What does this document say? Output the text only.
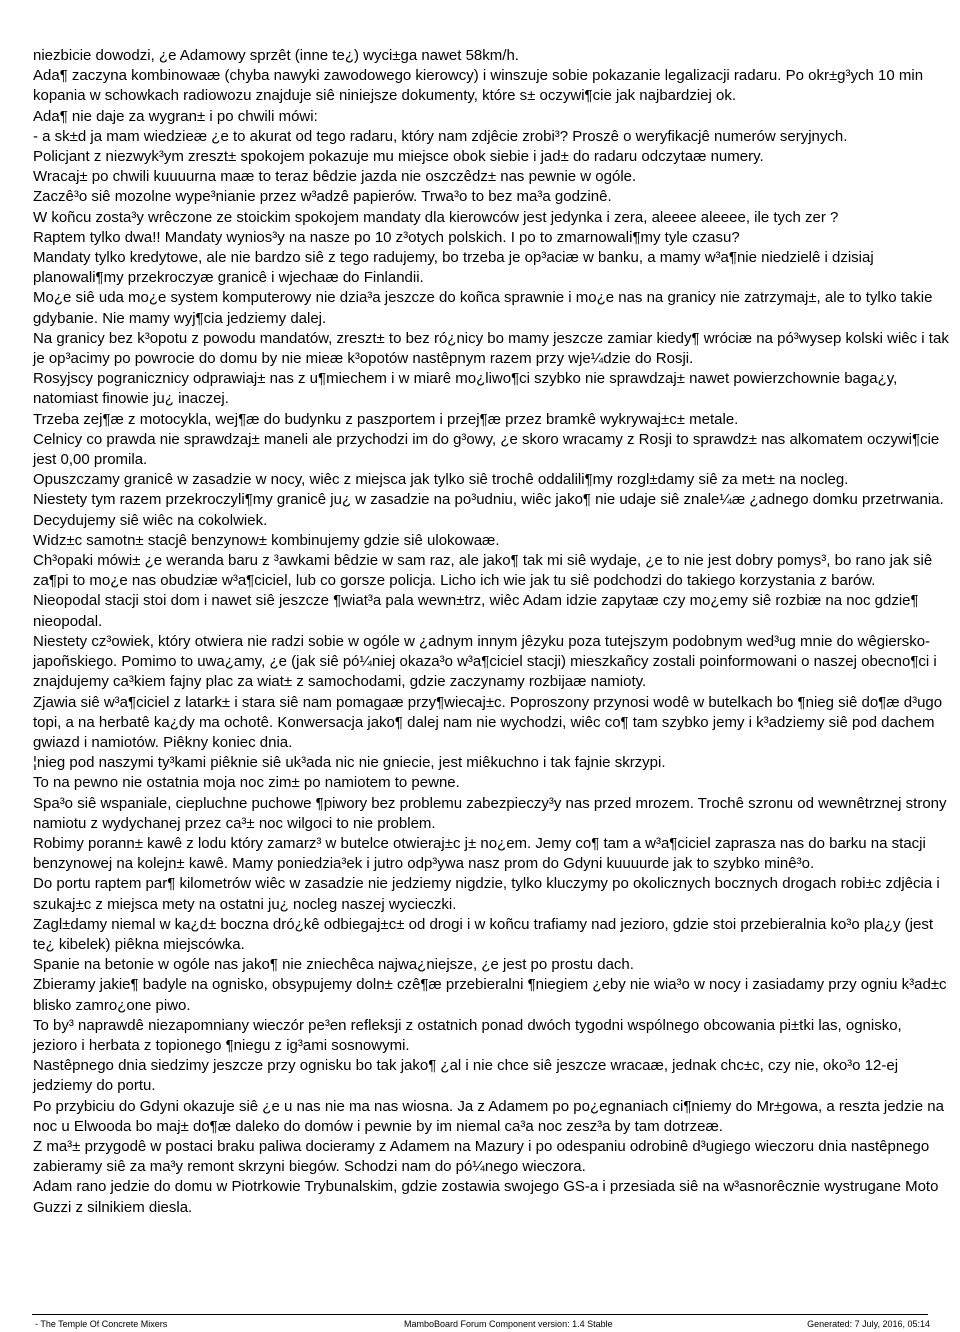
niezbicie dowodzi, ¿e Adamowy sprzêt (inne te¿) wyci±ga nawet 58km/h.

Ada¶ zaczyna kombinowaæ (chyba nawyki zawodowego kierowcy) i winszuje sobie pokazanie legalizacji radaru. Po okr±g³ych 10 min kopania w schowkach radiowozu znajduje siê niniejsze dokumenty, które s± oczywi¶cie jak najbardziej ok.

Ada¶ nie daje za wygran± i po chwili mówi:

- a sk±d ja mam wiedzieæ ¿e to akurat od tego radaru, który nam zdjêcie zrobi³? Proszê o weryfikacjê numerów seryjnych.

Policjant z niezwyk³ym zreszt± spokojem pokazuje mu miejsce obok siebie i jad± do radaru odczytaæ numery.

Wracaj± po chwili kuuuurna maæ to teraz bêdzie jazda nie oszczêdz± nas pewnie w ogóle.

Zaczê³o siê mozolne wype³nianie przez w³adzê papierów. Trwa³o to bez ma³a godzinê.

W koñcu zosta³y wrêczone ze stoickim spokojem mandaty dla kierowców jest jedynka i zera, aleeee aleeee, ile tych zer ?

Raptem tylko dwa!! Mandaty wynios³y na nasze po 10 z³otych polskich. I po to zmarnowali¶my tyle czasu?

Mandaty tylko kredytowe, ale nie bardzo siê z tego radujemy, bo trzeba je op³aciæ w banku, a mamy w³a¶nie niedzielê i dzisiaj planowali¶my przekroczyæ granicê i wjechaæ do Finlandii.

Mo¿e siê uda mo¿e system komputerowy nie dzia³a jeszcze do koñca sprawnie i mo¿e nas na granicy nie zatrzymaj±, ale to tylko takie gdybanie. Nie mamy wyj¶cia jedziemy dalej.

Na granicy bez k³opotu z powodu mandatów, zreszt± to bez ró¿nicy bo mamy jeszcze zamiar kiedy¶ wróciæ na pó³wysep kolski wiêc i tak je op³acimy po powrocie do domu by nie mieæ k³opotów nastêpnym razem przy wje¼dzie do Rosji.

Rosyjscy pogranicznicy odprawiaj± nas z u¶miechem i w miarê mo¿liwo¶ci szybko nie sprawdzaj± nawet powierzchownie baga¿y, natomiast finowie ju¿ inaczej.

Trzeba zej¶æ z motocykla, wej¶æ do budynku z paszportem i przej¶æ przez bramkê wykrywaj±c± metale.

Celnicy co prawda nie sprawdzaj± maneli ale przychodzi im do g³owy, ¿e skoro wracamy z Rosji to sprawdz± nas alkomatem oczywi¶cie jest 0,00 promila.

Opuszczamy granicê w zasadzie w nocy, wiêc z miejsca jak tylko siê trochê oddalili¶my rozgl±damy siê za met± na nocleg.

Niestety tym razem przekroczyli¶my granicê ju¿ w zasadzie na po³udniu, wiêc jako¶ nie udaje siê znale¼æ ¿adnego domku przetrwania. Decydujemy siê wiêc na cokolwiek.

Widz±c samotn± stacjê benzynow± kombinujemy gdzie siê ulokowaæ.

Ch³opaki mówi± ¿e weranda baru z ³awkami bêdzie w sam raz, ale jako¶ tak mi siê wydaje, ¿e to nie jest dobry pomys³, bo rano jak siê za¶pi to mo¿e nas obudziæ w³a¶ciciel, lub co gorsze policja. Licho ich wie jak tu siê podchodzi do takiego korzystania z barów.

Nieopodal stacji stoi dom i nawet siê jeszcze ¶wiat³a pala wewn±trz, wiêc Adam idzie zapytaæ czy mo¿emy siê rozbiæ na noc gdzie¶ nieopodal.

Niestety cz³owiek, który otwiera nie radzi sobie w ogóle w ¿adnym innym jêzyku poza tutejszym podobnym wed³ug mnie do wêgiersko-japoñskiego. Pomimo to uwa¿amy, ¿e (jak siê pó¼niej okaza³o w³a¶ciciel stacji) mieszkañcy zostali poinformowani o naszej obecno¶ci i znajdujemy ca³kiem fajny plac za wiat± z samochodami, gdzie zaczynamy rozbijaæ namioty.

Zjawia siê w³a¶ciciel z latark± i stara siê nam pomagaæ przy¶wiecaj±c. Poproszony przynosi wodê w butelkach bo ¶nieg siê do¶æ d³ugo topi, a na herbatê ka¿dy ma ochotê. Konwersacja jako¶ dalej nam nie wychodzi, wiêc co¶ tam szybko jemy i k³adziemy siê pod dachem gwiazd i namiotów. Piêkny koniec dnia.

¦nieg pod naszymi ty³kami piêknie siê uk³ada nic nie gniecie, jest miêkuchno i tak fajnie skrzypi.

To na pewno nie ostatnia moja noc zim± po namiotem to pewne.

Spa³o siê wspaniale, ciepluchne puchowe ¶piwory bez problemu zabezpieczy³y nas przed mrozem. Trochê szronu od wewnêtrznej strony namiotu z wydychanej przez ca³± noc wilgoci to nie problem.

Robimy porann± kawê z lodu który zamarz³ w butelce otwieraj±c j± no¿em. Jemy co¶ tam a w³a¶ciciel zaprasza nas do barku na stacji benzynowej na kolejn± kawê. Mamy poniedzia³ek i jutro odp³ywa nasz prom do Gdyni kuuuurde jak to szybko minê³o.

Do portu raptem par¶ kilometrów wiêc w zasadzie nie jedziemy nigdzie, tylko kluczymy po okolicznych bocznych drogach robi±c zdjêcia i szukaj±c z miejsca mety na ostatni ju¿ nocleg naszej wycieczki.

Zagl±damy niemal w ka¿d± boczna dró¿kê odbiegaj±c± od drogi i w koñcu trafiamy nad jezioro, gdzie stoi przebieralnia ko³o pla¿y (jest te¿ kibelek) piêkna miejscówka.

Spanie na betonie w ogóle nas jako¶ nie zniechêca najwa¿niejsze, ¿e jest po prostu dach.

Zbieramy jakie¶ badyle na ognisko, obsypujemy doln± czê¶æ przebieralni ¶niegiem ¿eby nie wia³o w nocy i zasiadamy przy ogniu k³ad±c blisko zamro¿one piwo.

To by³ naprawdê niezapomniany wieczór pe³en refleksji z ostatnich ponad dwóch tygodni wspólnego obcowania pi±tki las, ognisko, jezioro i herbata z topionego ¶niegu z ig³ami sosnowymi.

Nastêpnego dnia siedzimy jeszcze przy ognisku bo tak jako¶ ¿al i nie chce siê jeszcze wracaæ, jednak chc±c, czy nie, oko³o 12-ej jedziemy do portu.

Po przybiciu do Gdyni okazuje siê ¿e u nas nie ma nas wiosna. Ja z Adamem po po¿egnaniach ci¶niemy do Mr±gowa, a reszta jedzie na noc u Elwooda bo maj± do¶æ daleko do domów i pewnie by im niemal ca³a noc zesz³a by tam dotrzeæ.

Z ma³± przygodê w postaci braku paliwa docieramy z Adamem na Mazury i po odespaniu odrobinê d³ugiego wieczoru dnia nastêpnego zabieramy siê za ma³y remont skrzyni biegów. Schodzi nam do pó¼nego wieczora.

Adam rano jedzie do domu w Piotrkowie Trybunalskim, gdzie zostawia swojego GS-a i przesiada siê na w³asnorêcznie wystrugane Moto Guzzi z silnikiem diesla.

- The Temple Of Concrete Mixers	MamboBoard Forum Component version: 1.4 Stable	Generated: 7 July, 2016, 05:14
